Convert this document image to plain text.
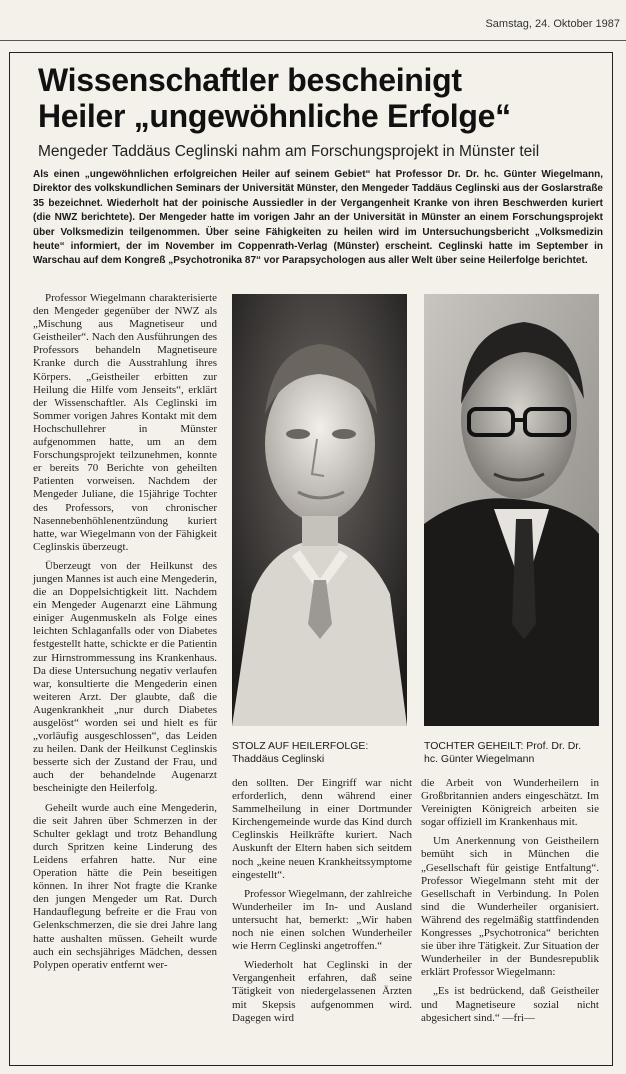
Samstag, 24. Oktober 1987
Wissenschaftler bescheinigt
Heiler „ungewöhnliche Erfolge“
Mengeder Taddäus Ceglinski nahm am Forschungsprojekt in Münster teil
Als einen „ungewöhnlichen erfolgreichen Heiler auf seinem Gebiet“ hat Professor Dr. Dr. hc. Günter Wiegelmann, Direktor des volkskundlichen Seminars der Universität Münster, den Mengeder Taddäus Ceglinski aus der Goslarstraße 35 bezeichnet. Wiederholt hat der poinische Aussiedler in der Vergangenheit Kranke von ihren Beschwerden kuriert (die NWZ berichtete). Der Mengeder hatte im vorigen Jahr an der Universität in Münster an einem Forschungsprojekt über Volksmedizin teilgenommen. Über seine Fähigkeiten zu heilen wird im Untersuchungsbericht „Volksmedizin heute“ informiert, der im November im Coppenrath-Verlag (Münster) erscheint. Ceglinski hatte im September in Warschau auf dem Kongreß „Psychotronika 87“ vor Parapsychologen aus aller Welt über seine Heilerfolge berichtet.

Professor Wiegelmann charakterisierte den Mengeder gegenüber der NWZ als „Mischung aus Magnetiseur und Geistheiler“. Nach den Ausführungen des Professors behandeln Magnetiseure Kranke durch die Ausstrahlung ihres Körpers. „Geistheiler erbitten zur Heilung die Hilfe vom Jenseits“, erklärt der Wissenschaftler. Als Ceglinski im Sommer vorigen Jahres Kontakt mit dem Hochschullehrer in Münster aufgenommen hatte, um an dem Forschungsprojekt teilzunehmen, konnte er bereits 70 Berichte von geheilten Patienten vorweisen. Nachdem der Mengeder Juliane, die 15jährige Tochter des Professors, von chronischer Nasennebenhöhlenentzündung kuriert hatte, war Wiegelmann von der Fähigkeit Ceglinskis überzeugt.

Überzeugt von der Heilkunst des jungen Mannes ist auch eine Mengederin, die an Doppelsichtigkeit litt. Nachdem ein Mengeder Augenarzt eine Lähmung einiger Augenmuskeln als Folge eines leichten Schlaganfalls oder von Diabetes festgestellt hatte, schickte er die Patientin zur Hirnstrommessung ins Krankenhaus. Da diese Untersuchung negativ verlaufen war, konsultierte die Mengederin einen weiteren Arzt. Der glaubte, daß die Augenkrankheit „nur durch Diabetes ausgelöst“ worden sei und hielt es für „vorläufig ausgeschlossen“, das Leiden zu heilen. Dank der Heilkunst Ceglinskis besserte sich der Zustand der Frau, und auch der behandelnde Augenarzt bescheinigte den Heilerfolg.

Geheilt wurde auch eine Mengederin, die seit Jahren über Schmerzen in der Schulter geklagt und trotz Behandlung durch Spritzen keine Linderung des Leidens erfahren hatte. Nur eine Operation hätte die Pein beseitigen können. In ihrer Not fragte die Kranke den jungen Mengeder um Rat. Durch Handauflegung befreite er die Frau von Gelenkschmerzen, die sie drei Jahre lang hatte aushalten müssen. Geheilt wurde auch ein sechsjähriges Mädchen, dessen Polypen operativ entfernt wer-

STOLZ AUF HEILERFOLGE:
Thaddäus Ceglinski
TOCHTER GEHEILT: Prof. Dr. Dr.
hc. Günter Wiegelmann

den sollten. Der Eingriff war nicht erforderlich, denn während einer Sammelheilung in einer Dortmunder Kirchengemeinde wurde das Kind durch Ceglinskis Heilkräfte kuriert. Nach Auskunft der Eltern haben sich seitdem noch „keine neuen Krankheitssymptome eingestellt“.

Professor Wiegelmann, der zahlreiche Wunderheiler im In- und Ausland untersucht hat, bemerkt: „Wir haben noch nie einen solchen Wunderheiler wie Herrn Ceglinski angetroffen.“

Wiederholt hat Ceglinski in der Vergangenheit erfahren, daß seine Tätigkeit von niedergelassenen Ärzten mit Skepsis aufgenommen wird. Dagegen wird

die Arbeit von Wunderheilern in Großbritannien anders eingeschätzt. Im Vereinigten Königreich arbeiten sie sogar offiziell im Krankenhaus mit.

Um Anerkennung von Geistheilern bemüht sich in München die „Gesellschaft für geistige Entfaltung“. Professor Wiegelmann steht mit der Gesellschaft in Verbindung. In Polen sind die Wunderheiler organisiert. Während des regelmäßig stattfindenden Kongresses „Psychotronica“ berichten sie über ihre Tätigkeit. Zur Situation der Wunderheiler in der Bundesrepublik erklärt Professor Wiegelmann:

„Es ist bedrückend, daß Geistheiler und Magnetiseure sozial nicht abgesichert sind.“ —fri—
